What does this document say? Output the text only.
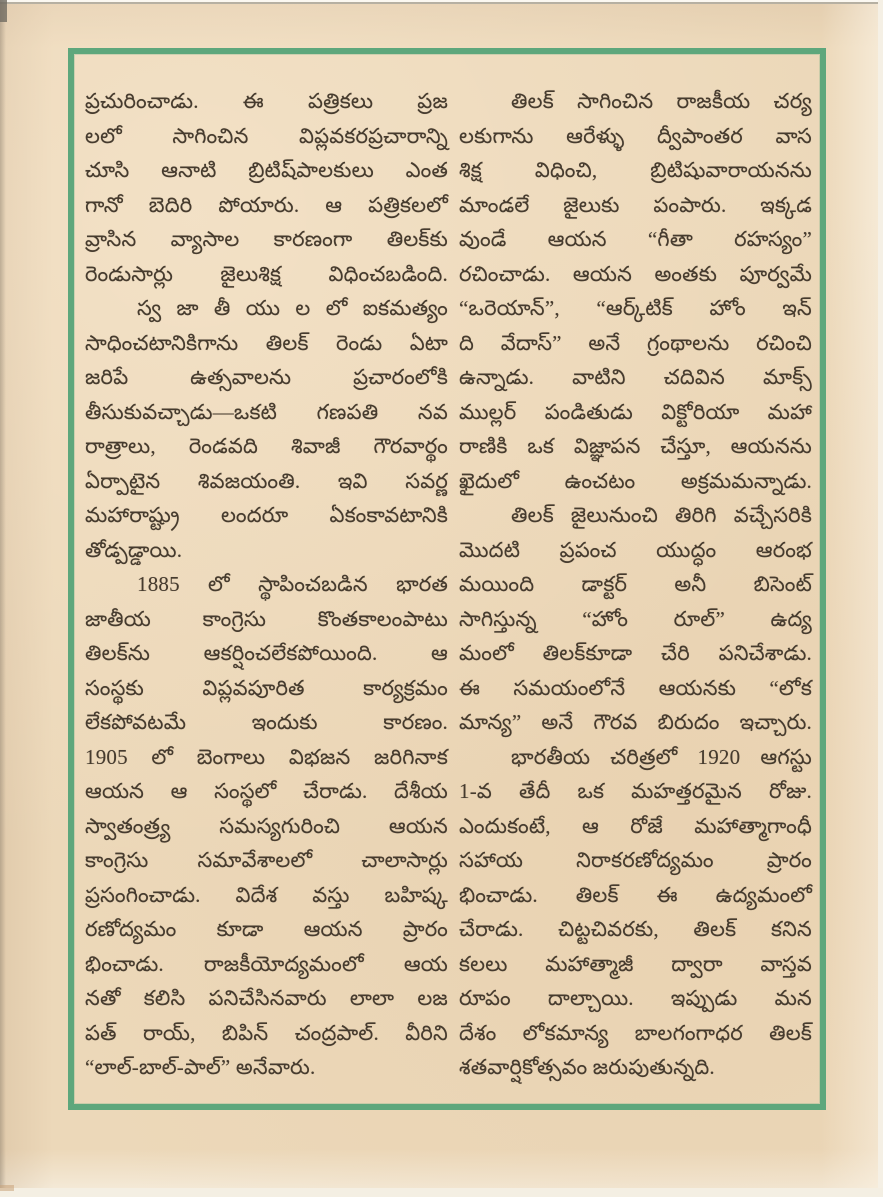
ప్రచురించాడు. ఈ పత్రికలు ప్రజ
లలో సాగించిన విప్లవకరప్రచారాన్ని
చూసి ఆనాటి బ్రిటిష్‌పాలకులు ఎంత
గానో బెదిరి పోయారు. ఆ పత్రికలలో
వ్రాసిన వ్యాసాల కారణంగా తిలక్‌కు
రెండుసార్లు జైలుశిక్ష విధించబడింది.
స్వ జా తీ యు ల లో ఐకమత్యం
సాధించటానికిగాను తిలక్ రెండు ఏటా
జరిపే ఉత్సవాలను ప్రచారంలోకి
తీసుకువచ్చాడు—ఒకటి గణపతి నవ
రాత్రాలు, రెండవది శివాజీ గౌరవార్థం
ఏర్పాటైన శివజయంతి. ఇవి సవర్ణ
మహారాష్ట్రు లందరూ ఏకంకావటానికి
తోడ్పడ్డాయి.
1885 లో స్థాపించబడిన భారత
జాతీయ కాంగ్రెసు కొంతకాలంపాటు
తిలక్‌ను ఆకర్షించలేకపోయింది. ఆ
సంస్థకు విప్లవపూరిత కార్యక్రమం
లేకపోవటమే ఇందుకు కారణం.
1905 లో బెంగాలు విభజన జరిగినాక
ఆయన ఆ సంస్థలో చేరాడు. దేశీయ
స్వాతంత్ర్య సమస్యగురించి ఆయన
కాంగ్రెసు సమావేశాలలో చాలాసార్లు
ప్రసంగించాడు. విదేశ వస్తు బహిష్క
రణోద్యమం కూడా ఆయన ప్రారం
భించాడు. రాజకీయోద్యమంలో ఆయ
నతో కలిసి పనిచేసినవారు లాలా లజ
పత్ రాయ్, బిపిన్ చంద్రపాల్. వీరిని
“లాల్-బాల్-పాల్” అనేవారు.
తిలక్ సాగించిన రాజకీయ చర్య
లకుగాను ఆరేళ్ళు ద్వీపాంతర వాస
శిక్ష విధించి, బ్రిటిషువారాయనను
మాండలే జైలుకు పంపారు. ఇక్కడ
వుండే ఆయన “గీతా రహస్యం”
రచించాడు. ఆయన అంతకు పూర్వమే
“ఒరెయాన్”, “ఆర్క్‌టిక్ హోం ఇన్
ది వేదాస్” అనే గ్రంథాలను రచించి
ఉన్నాడు. వాటిని చదివిన మాక్స్
ముల్లర్ పండితుడు విక్టోరియా మహా
రాణికి ఒక విజ్ఞాపన చేస్తూ, ఆయనను
ఖైదులో ఉంచటం అక్రమమన్నాడు.
తిలక్ జైలునుంచి తిరిగి వచ్చేసరికి
మొదటి ప్రపంచ యుద్ధం ఆరంభ
మయింది డాక్టర్ అనీ బిసెంట్
సాగిస్తున్న “హోం రూల్” ఉద్య
మంలో తిలక్‌కూడా చేరి పనిచేశాడు.
ఈ సమయంలోనే ఆయనకు “లోక
మాన్య” అనే గౌరవ బిరుదం ఇచ్చారు.
భారతీయ చరిత్రలో 1920 ఆగస్టు
1-వ తేదీ ఒక మహత్తరమైన రోజు.
ఎందుకంటే, ఆ రోజే మహాత్మాగాంధీ
సహాయ నిరాకరణోద్యమం ప్రారం
భించాడు. తిలక్ ఈ ఉద్యమంలో
చేరాడు. చిట్టచివరకు, తిలక్ కనిన
కలలు మహాత్మాజీ ద్వారా వాస్తవ
రూపం దాల్చాయి. ఇప్పుడు మన
దేశం లోకమాన్య బాలగంగాధర తిలక్
శతవార్షికోత్సవం జరుపుతున్నది.
